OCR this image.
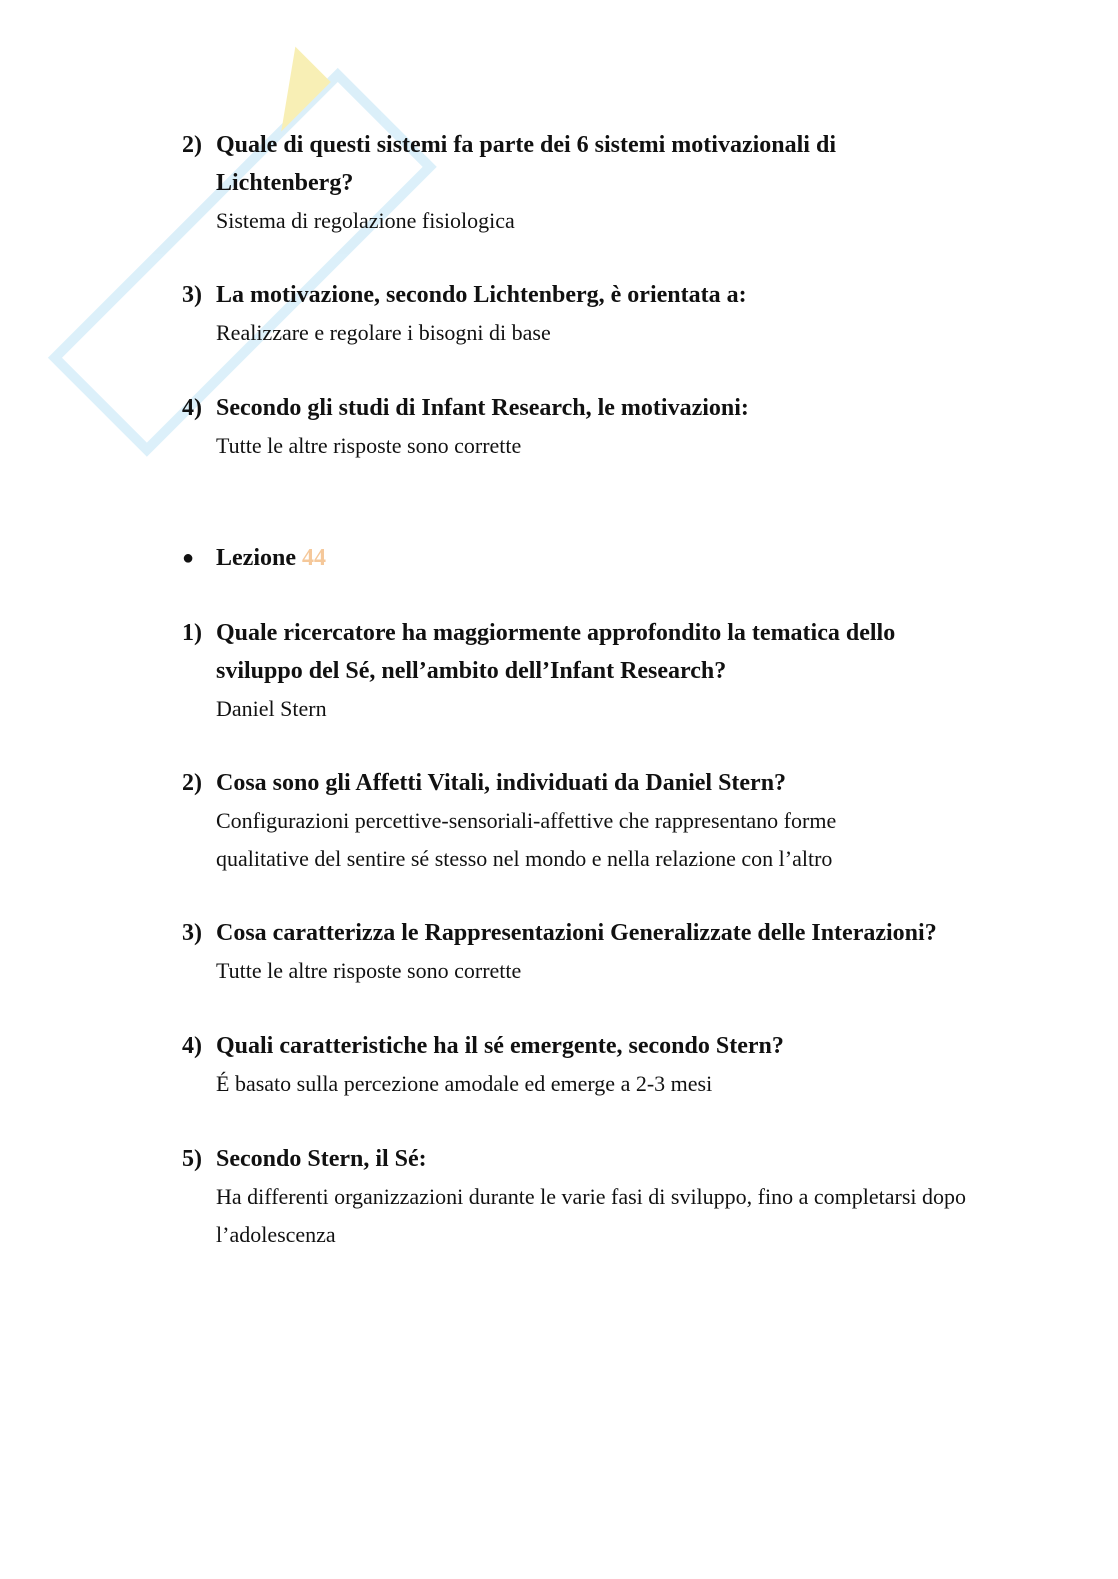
2) Quale di questi sistemi fa parte dei 6 sistemi motivazionali di Lichtenberg?
Sistema di regolazione fisiologica
3) La motivazione, secondo Lichtenberg, è orientata a:
Realizzare e regolare i bisogni di base
4) Secondo gli studi di Infant Research, le motivazioni:
Tutte le altre risposte sono corrette
● Lezione
44
1) Quale ricercatore ha maggiormente approfondito la tematica dello sviluppo del Sé, nell’ambito dell’Infant Research?
Daniel Stern
2) Cosa sono gli Affetti Vitali, individuati da Daniel Stern?
Configurazioni percettive-sensoriali-affettive che rappresentano forme qualitative del sentire sé stesso nel mondo e nella relazione con l’altro
3) Cosa caratterizza le Rappresentazioni Generalizzate delle Interazioni?
Tutte le altre risposte sono corrette
4) Quali caratteristiche ha il sé emergente, secondo Stern?
É basato sulla percezione amodale ed emerge a 2-3 mesi
5) Secondo Stern, il Sé:
Ha differenti organizzazioni durante le varie fasi di sviluppo, fino a completarsi dopo l’adolescenza
